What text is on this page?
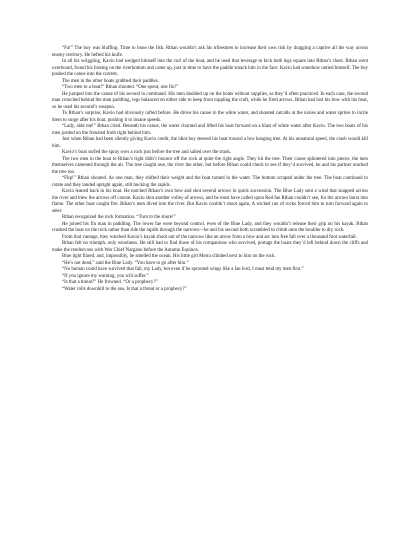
“Fa!” The boy was bluffing. Time to bone the fish. Rthan wouldn’t ask his tribesmen to increase their own risk by dragging a captive all the way across enemy territory. He hefted his knife.

In all his wriggling, Kavio had wedged himself into the curl of the boat, and he used that leverage to kick both legs square into Rthan’s chest. Rthan went overboard, found his footing on the riverbottom and came up, just in time to have the paddle smack him in the face. Kavio had somehow untied himself. The boy pushed the canoe into the current.

The men in the other boats grabbed their paddles.

“Two men to a boat!” Rthan shouted. “One spout, one fin!”

He jumped into the canoe of his second in command. His men doubled up on the boats without supplies, as they’d often practiced. In each case, the second man crouched behind the man paddling, legs balanced on either side to keep from toppling the craft, while he fired arrows. Rthan had lost his bow with his boat, so he used his second’s weapon.

To Rthan’s surprise, Kavio had obviously rafted before. He drove his canoe to the white water, and shouted catcalls at the nixies and water sprites to incite them to surge after his boat, pushing it to insane speeds.

“Lady, aide me!” Rthan cried. Beneath his canoe, the water churned and lifted his boat forward on a blast of white water after Kavio. The two boats of his men jostled on the frenzied froth right behind him.

Just when Rthan had been silently giving Kavio credit, the idiot boy steered his boat toward a low hanging tree. At his unnatural speed, the crash would kill him.

Kavio’s boat surfed the spray over a rock just before the tree and sailed over the trunk.

The two men in the boat to Rthan’s right didn’t bounce off the rock at quite the right angle. They hit the tree. Their canoe splintered into pieces, the men themselves careened through the air. The tree caught one, the river the other, but before Rthan could check to see if they’d survived, he and his partner reached the tree too.

“Flip!” Rthan shouted. As one man, they shifted their weight and the boat turned in the water. The bottom scraped under the tree. The boat continued to rotate and they landed upright again, still bucking the rapids.

Kavio leaned back in his boat. He notched Rthan’s own bow and shot several arrows in quick succession. The Blue Lady sent a wind that snapped across the river and blew the arrows off course. Kavio shot another volley of arrows, and he must have called upon Red fae Rthan couldn’t see, for the arrows burst into flame. The other boat caught fire. Rthan’s men dived into the river. But Kavio couldn’t shoot again. A wicked run of rocks forced him to turn forward again to steer.

Rthan recognized the rock formation. “Turn to the shore!”

He joined his fin man in paddling. The lower fae were beyond control, even of the Blue Lady, and they wouldn’t release their grip on his kayak. Rthan crashed the boat on the rock rather than ride the rapids through the narrows—he and his second both scrambled to climb onto the boulder to dry rock.

From that vantage, they watched Kavio’s kayak shoot out of the narrows like an arrow from a bow and arc into free fall over a thousand foot waterfall.

Rthan felt no triumph, only weariness. He still had to find those of his companions who survived, portage the boats they’d left behind down the cliffs and make the rendezvous with War Chief Nargano before the Autumn Equinox.

Blue light flared, and, impossibly, he smelled the ocean. His little girl Meira climbed next to him on the rock.

“He’s not dead,” said the Blue Lady. “You have to go after him.”

“No human could have survived that fall, my Lady, but even if he sprouted wings like a fae lord, I must tend my men first.”

“If you ignore my warning, you will suffer.”

“Is that a threat?” He frowned. “Or a prophecy?”

“Water rolls downhill to the sea. Is that a threat or a prophecy?”
